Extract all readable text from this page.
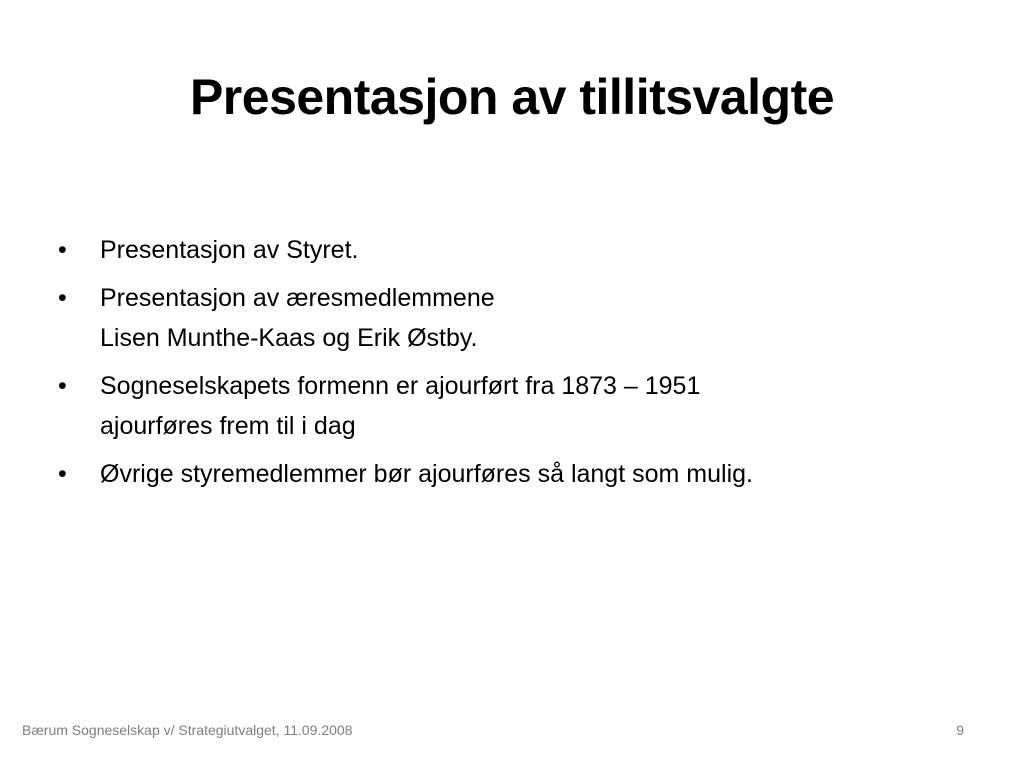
Presentasjon av tillitsvalgte
•	Presentasjon av Styret.
•	Presentasjon av æresmedlemmene
Lisen Munthe-Kaas og Erik Østby.
•	Sogneselskapets formenn er ajourført fra 1873 – 1951
ajourføres frem til i dag
•	Øvrige styremedlemmer bør ajourføres så langt som mulig.
Bærum Sogneselskap v/ Strategiutvalget, 11.09.2008	9
